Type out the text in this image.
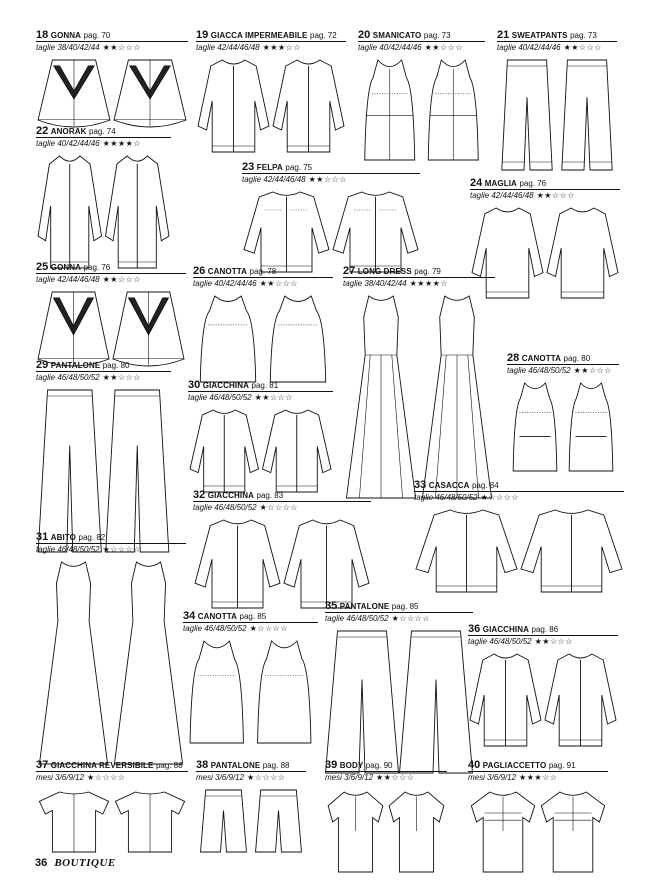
18 GONNA pag. 70
taglie 38/40/42/44 ★★☆☆☆
19 GIACCA IMPERMEABILE pag. 72
taglie 42/44/46/48 ★★★☆☆
20 SMANICATO pag. 73
taglie 40/42/44/46 ★★☆☆☆
21 SWEATPANTS pag. 73
taglie 40/42/44/46 ★★☆☆☆
22 ANORAK pag. 74
taglie 40/42/44/46 ★★★★☆
23 FELPA pag. 75
taglie 42/44/46/48 ★★☆☆☆	24 MAGLIA pag. 76
taglie 42/44/46/48 ★★☆☆☆
25 GONNA pag. 76
taglie 42/44/46/48 ★★☆☆☆
26 CANOTTA pag. 78
taglie 40/42/44/46 ★★☆☆☆
27 LONG DRESS pag. 79
taglie 38/40/42/44 ★★★★☆
28 CANOTTA pag. 80
taglie 46/48/50/52 ★★☆☆☆
29 PANTALONE pag. 80
taglie 46/48/50/52 ★★☆☆☆
30 GIACCHINA pag. 81
taglie 46/48/50/52 ★★☆☆☆
31 ABITO pag. 82
taglie 46/48/50/52 ★☆☆☆☆
32 GIACCHINA pag. 83
taglie 46/48/50/52 ★☆☆☆☆
33 CASACCA pag. 84
taglie 46/48/50/52 ★☆☆☆☆
34 CANOTTA pag. 85
taglie 46/48/50/52 ★☆☆☆☆
35 PANTALONE pag. 85
taglie 46/48/50/52 ★☆☆☆☆
36 GIACCHINA pag. 86
taglie 46/48/50/52 ★★☆☆☆
37 GIACCHINA REVERSIBILE pag. 88
mesi 3/6/9/12 ★☆☆☆☆
38 PANTALONE pag. 88
mesi 3/6/9/12 ★☆☆☆☆
39 BODY pag. 90
mesi 3/6/9/12 ★★☆☆☆
40 PAGLIACCETTO pag. 91
mesi 3/6/9/12 ★★★☆☆
36 BOUTIQUE
